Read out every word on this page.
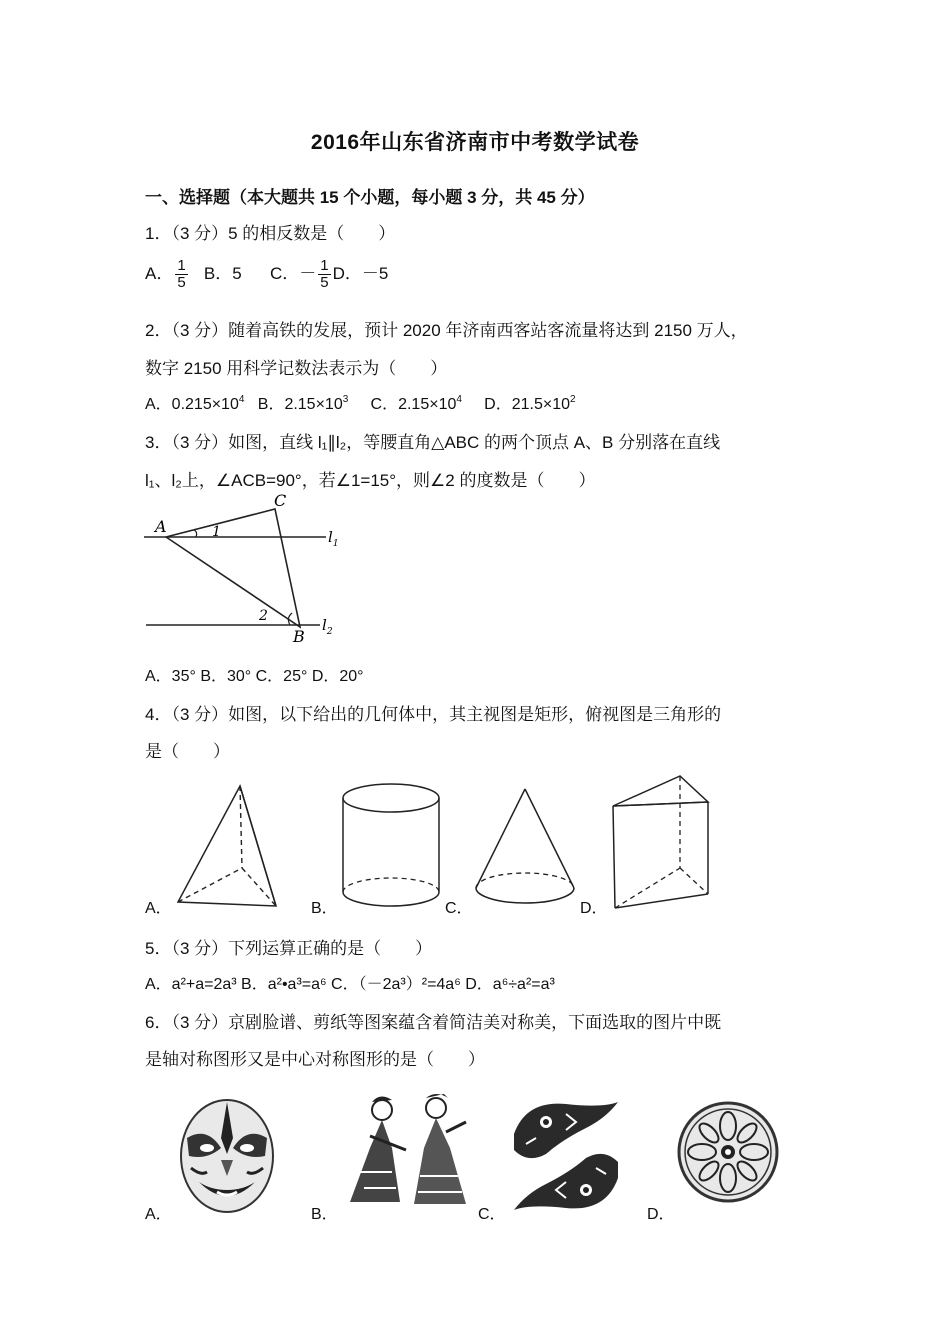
2016年山东省济南市中考数学试卷
一、选择题（本大题共 15 个小题，每小题 3 分，共 45 分）
1．（3 分）5 的相反数是（　　）
A． $\frac{1}{5}$ B．5 C．－ $\frac{1}{5}$ D．－5
2．（3 分）随着高铁的发展，预计 2020 年济南西客站客流量将达到 2150 万人，
数字 2150 用科学记数法表示为（　　）
A．$0.215\times 10^4$ B．$2.15\times 10^3$ C．$2.15\times 10^4$ D．$21.5\times 10^2$
3．（3 分）如图，直线 l₁∥l₂，等腰直角△ABC 的两个顶点 A、B 分别落在直线
l₁、l₂上，∠ACB=90°，若∠1=15°，则∠2 的度数是（　　）
A
C
B
1
2
$l_1$
$l_2$
A．35° B．30° C．25° D．20°
4．（3 分）如图，以下给出的几何体中，其主视图是矩形，俯视图是三角形的
是（　　）
A．	B．	C．	D．
5．（3 分）下列运算正确的是（　　）
A．a²+a=2a³ B．a²•a³=a⁶ C．（－2a³）²=4a⁶ D．a⁶÷a²=a³
6．（3 分）京剧脸谱、剪纸等图案蕴含着简洁美对称美，下面选取的图片中既
是轴对称图形又是中心对称图形的是（　　）
A．	B．	C．	D．
